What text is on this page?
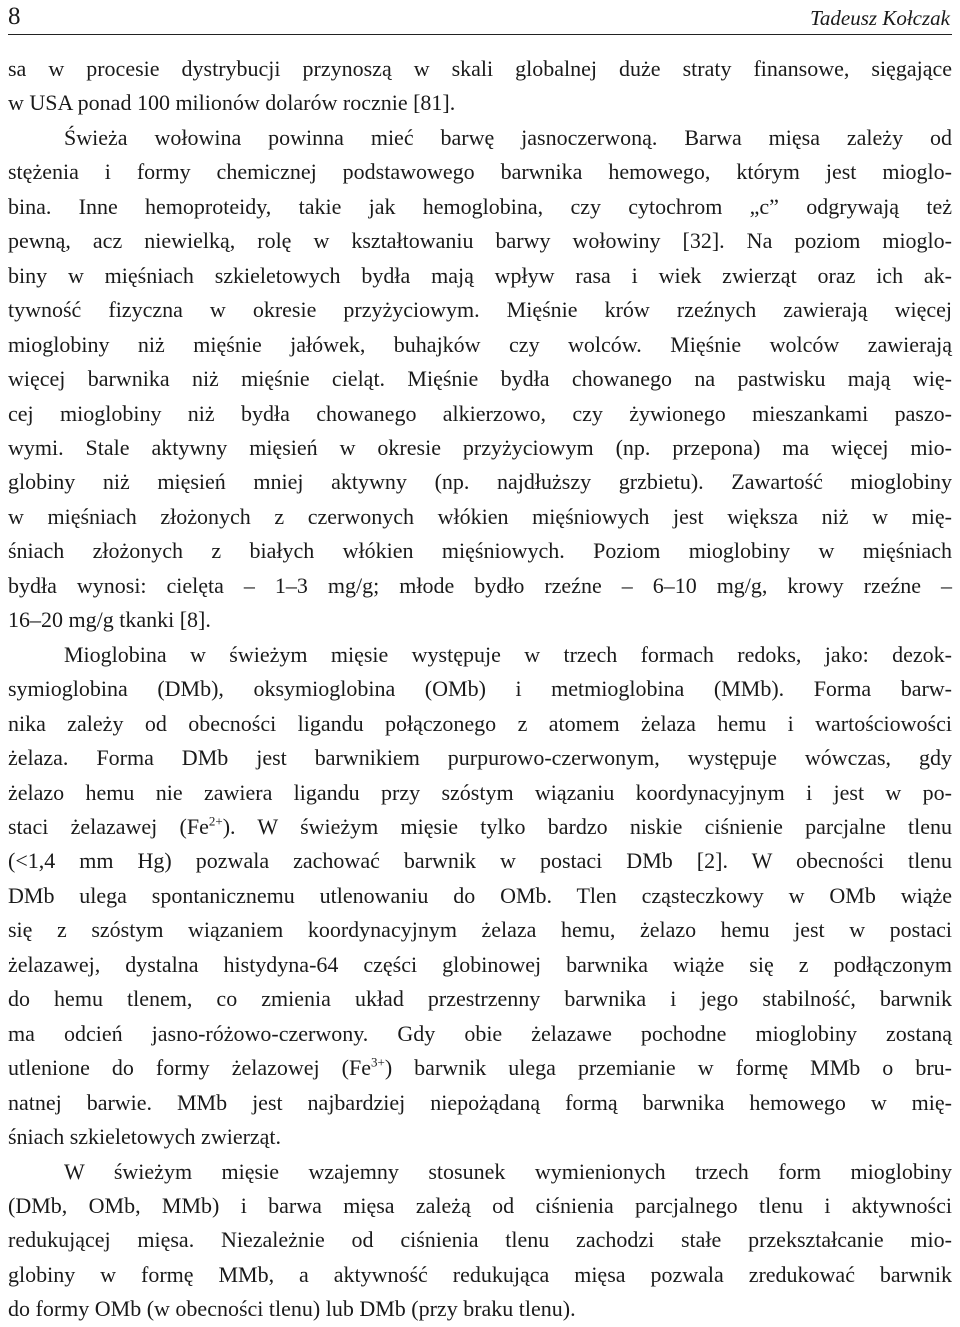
8	Tadeusz Kołczak

sa w procesie dystrybucji przynoszą w skali globalnej duże straty finansowe, sięgające
w USA ponad 100 milionów dolarów rocznie [81].

Świeża wołowina powinna mieć barwę jasnoczerwoną. Barwa mięsa zależy od
stężenia i formy chemicznej podstawowego barwnika hemowego, którym jest mioglo-
bina. Inne hemoproteidy, takie jak hemoglobina, czy cytochrom „c” odgrywają też
pewną, acz niewielką, rolę w kształtowaniu barwy wołowiny [32]. Na poziom mioglo-
biny w mięśniach szkieletowych bydła mają wpływ rasa i wiek zwierząt oraz ich ak-
tywność fizyczna w okresie przyżyciowym. Mięśnie krów rzeźnych zawierają więcej
mioglobiny niż mięśnie jałówek, buhajków czy wolców. Mięśnie wolców zawierają
więcej barwnika niż mięśnie cieląt. Mięśnie bydła chowanego na pastwisku mają wię-
cej mioglobiny niż bydła chowanego alkierzowo, czy żywionego mieszankami paszo-
wymi. Stale aktywny mięsień w okresie przyżyciowym (np. przepona) ma więcej mio-
globiny niż mięsień mniej aktywny (np. najdłuższy grzbietu). Zawartość mioglobiny
w mięśniach złożonych z czerwonych włókien mięśniowych jest większa niż w mię-
śniach złożonych z białych włókien mięśniowych. Poziom mioglobiny w mięśniach
bydła wynosi: cielęta – 1–3 mg/g; młode bydło rzeźne – 6–10 mg/g, krowy rzeźne –
16–20 mg/g tkanki [8].

Mioglobina w świeżym mięsie występuje w trzech formach redoks, jako: dezok-
symioglobina (DMb), oksymioglobina (OMb) i metmioglobina (MMb). Forma barw-
nika zależy od obecności ligandu połączonego z atomem żelaza hemu i wartościowości
żelaza. Forma DMb jest barwnikiem purpurowo-czerwonym, występuje wówczas, gdy
żelazo hemu nie zawiera ligandu przy szóstym wiązaniu koordynacyjnym i jest w po-
staci żelazawej $(Fe^{2+})$. W świeżym mięsie tylko bardzo niskie ciśnienie parcjalne tlenu
(<1,4 mm Hg) pozwala zachować barwnik w postaci DMb [2]. W obecności tlenu
DMb ulega spontanicznemu utlenowaniu do OMb. Tlen cząsteczkowy w OMb wiąże
się z szóstym wiązaniem koordynacyjnym żelaza hemu, żelazo hemu jest w postaci
żelazawej, dystalna histydyna-64 części globinowej barwnika wiąże się z podłączonym
do hemu tlenem, co zmienia układ przestrzenny barwnika i jego stabilność, barwnik
ma odcień jasno-różowo-czerwony. Gdy obie żelazawe pochodne mioglobiny zostaną
utlenione do formy żelazowej $(Fe^{3+})$ barwnik ulega przemianie w formę MMb o bru-
natnej barwie. MMb jest najbardziej niepożądaną formą barwnika hemowego w mię-
śniach szkieletowych zwierząt.

W świeżym mięsie wzajemny stosunek wymienionych trzech form mioglobiny
(DMb, OMb, MMb) i barwa mięsa zależą od ciśnienia parcjalnego tlenu i aktywności
redukującej mięsa. Niezależnie od ciśnienia tlenu zachodzi stałe przekształcanie mio-
globiny w formę MMb, a aktywność redukująca mięsa pozwala zredukować barwnik
do formy OMb (w obecności tlenu) lub DMb (przy braku tlenu).
